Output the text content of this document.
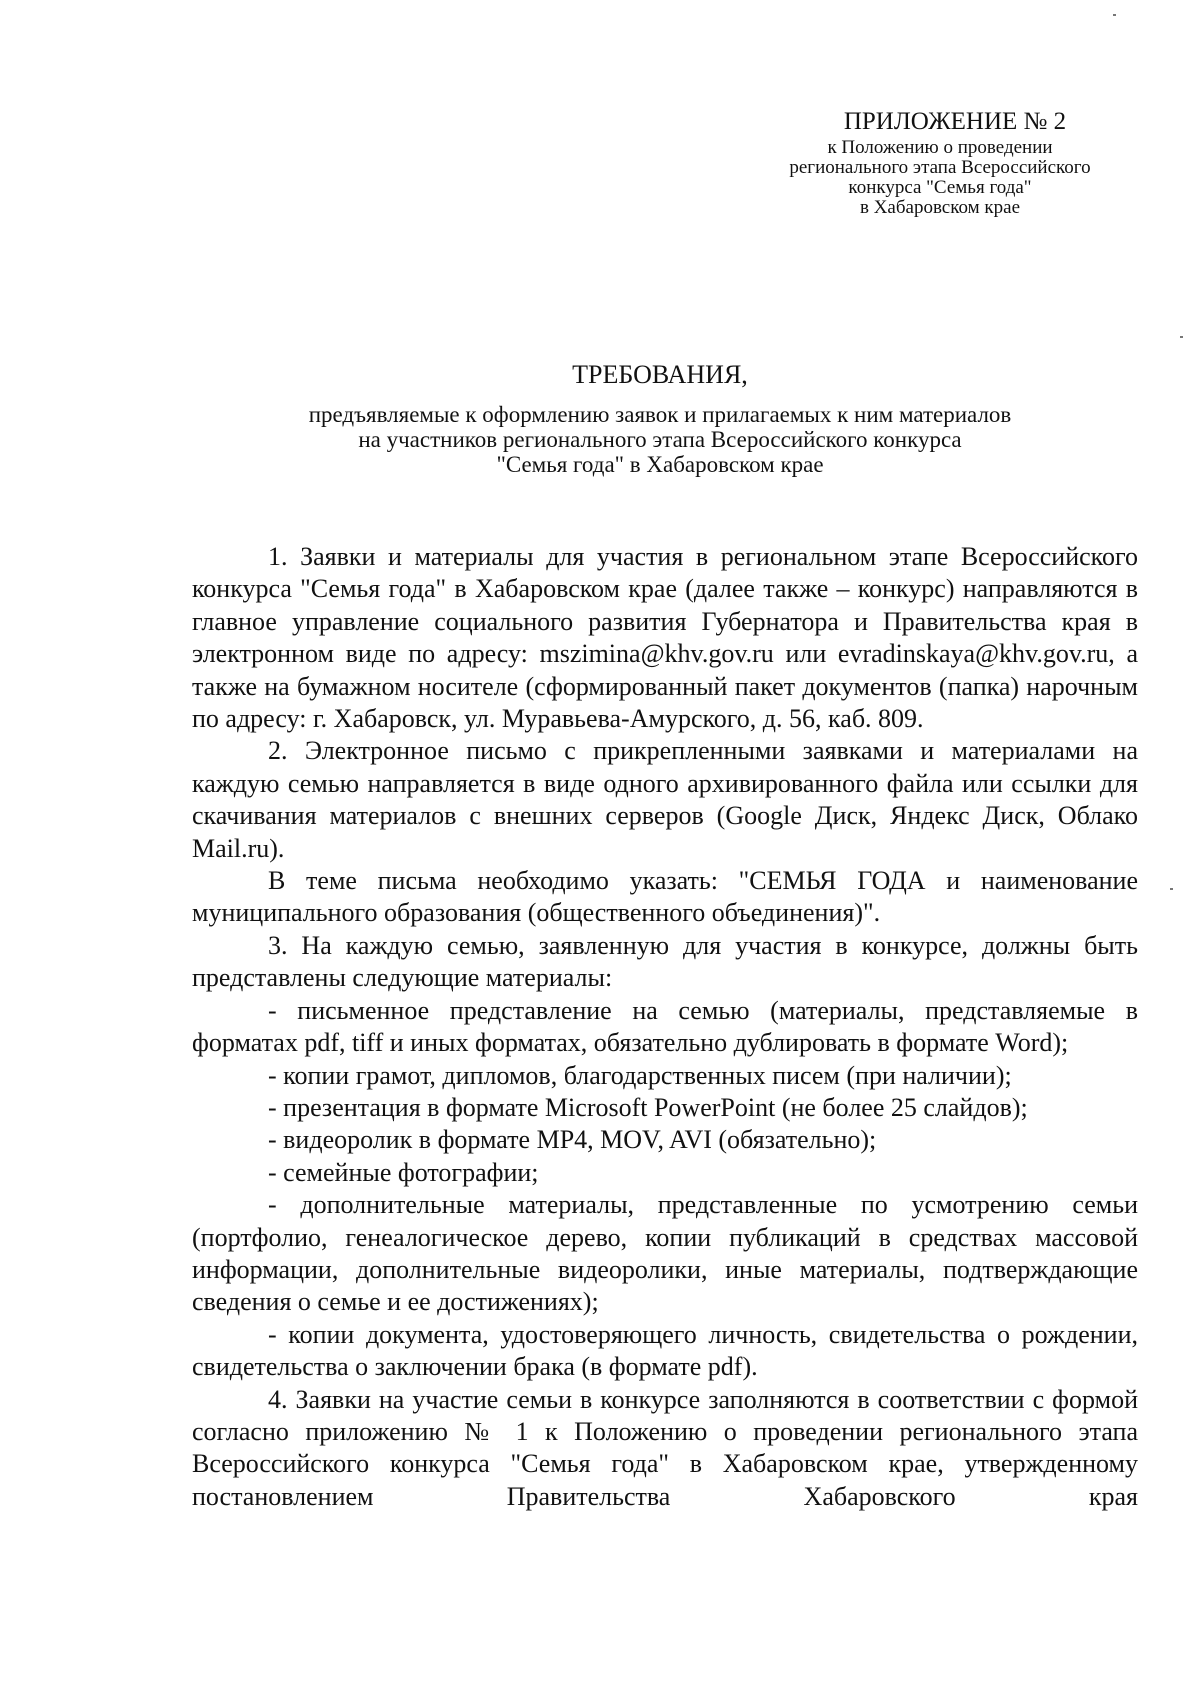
ПРИЛОЖЕНИЕ № 2
к Положению о проведении
регионального этапа Всероссийского
конкурса "Семья года"
в Хабаровском крае
ТРЕБОВАНИЯ,
предъявляемые к оформлению заявок и прилагаемых к ним материалов
на участников регионального этапа Всероссийского конкурса
"Семья года" в Хабаровском крае

1. Заявки и материалы для участия в региональном этапе Всероссийского конкурса "Семья года" в Хабаровском крае (далее также – конкурс) направляются в главное управление социального развития Губернатора и Правительства края в электронном виде по адресу: mszimina@khv.gov.ru или evradinskaya@khv.gov.ru, а также на бумажном носителе (сформированный пакет документов (папка) нарочным по адресу: г. Хабаровск, ул. Муравьева-Амурского, д. 56, каб. 809.

2. Электронное письмо с прикрепленными заявками и материалами на каждую семью направляется в виде одного архивированного файла или ссылки для скачивания материалов с внешних серверов (Google Диск, Яндекс Диск, Облако Mail.ru).

В теме письма необходимо указать: "СЕМЬЯ ГОДА и наименование муниципального образования (общественного объединения)".

3. На каждую семью, заявленную для участия в конкурсе, должны быть представлены следующие материалы:

- письменное представление на семью (материалы, представляемые в форматах pdf, tiff и иных форматах, обязательно дублировать в формате Word);

- копии грамот, дипломов, благодарственных писем (при наличии);

- презентация в формате Microsoft PowerPoint (не более 25 слайдов);

- видеоролик в формате MP4, MOV, AVI (обязательно);

- семейные фотографии;

- дополнительные материалы, представленные по усмотрению семьи (портфолио, генеалогическое дерево, копии публикаций в средствах массовой информации, дополнительные видеоролики, иные материалы, подтверждающие сведения о семье и ее достижениях);

- копии документа, удостоверяющего личность, свидетельства о рождении, свидетельства о заключении брака (в формате pdf).

4. Заявки на участие семьи в конкурсе заполняются в соответствии с формой согласно приложению № 1 к Положению о проведении регионального этапа Всероссийского конкурса "Семья года" в Хабаровском крае, утвержденному постановлением Правительства Хабаровского края
